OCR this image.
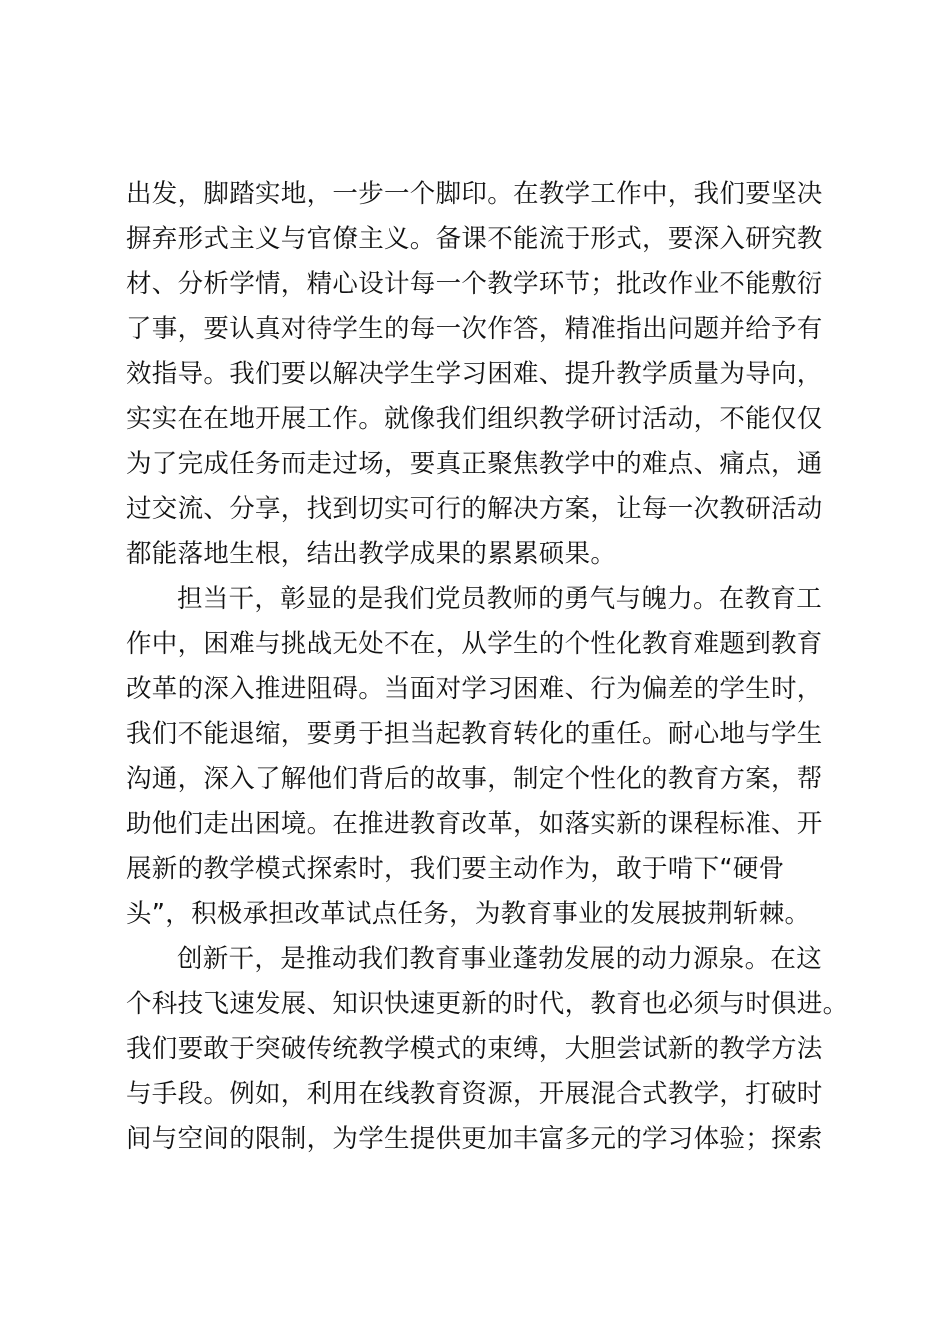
出发，脚踏实地，一步一个脚印。在教学工作中，我们要坚决
摒弃形式主义与官僚主义。备课不能流于形式，要深入研究教
材、分析学情，精心设计每一个教学环节；批改作业不能敷衍
了事，要认真对待学生的每一次作答，精准指出问题并给予有
效指导。我们要以解决学生学习困难、提升教学质量为导向，
实实在在地开展工作。就像我们组织教学研讨活动，不能仅仅
为了完成任务而走过场，要真正聚焦教学中的难点、痛点，通
过交流、分享，找到切实可行的解决方案，让每一次教研活动
都能落地生根，结出教学成果的累累硕果。
担当干，彰显的是我们党员教师的勇气与魄力。在教育工
作中，困难与挑战无处不在，从学生的个性化教育难题到教育
改革的深入推进阻碍。当面对学习困难、行为偏差的学生时，
我们不能退缩，要勇于担当起教育转化的重任。耐心地与学生
沟通，深入了解他们背后的故事，制定个性化的教育方案，帮
助他们走出困境。在推进教育改革，如落实新的课程标准、开
展新的教学模式探索时，我们要主动作为，敢于啃下“硬骨
头”，积极承担改革试点任务，为教育事业的发展披荆斩棘。
创新干，是推动我们教育事业蓬勃发展的动力源泉。在这
个科技飞速发展、知识快速更新的时代，教育也必须与时俱进。
我们要敢于突破传统教学模式的束缚，大胆尝试新的教学方法
与手段。例如，利用在线教育资源，开展混合式教学，打破时
间与空间的限制，为学生提供更加丰富多元的学习体验；探索
